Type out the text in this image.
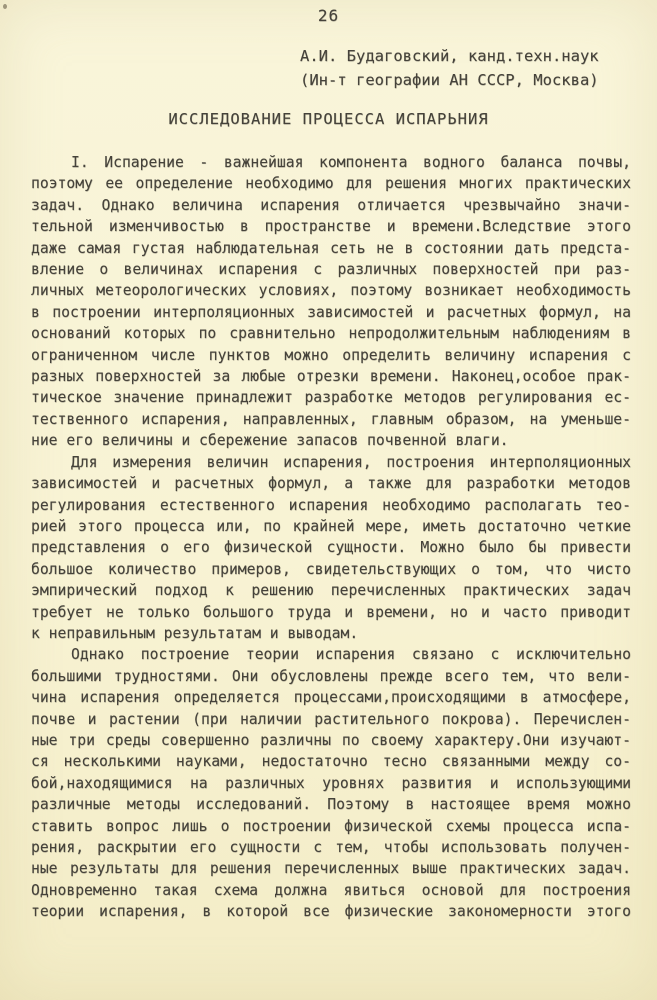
26
А.И. Будаговский, канд.техн.наук
(Ин-т географии АН СССР, Москва)
ИССЛЕДОВАНИЕ ПРОЦЕССА ИСПАРЬНИЯ
I. Испарение - важнейшая компонента водного баланса почвы,
поэтому ее определение необходимо для решения многих практических
задач. Однако величина испарения отличается чрезвычайно значи-
тельной изменчивостью в пространстве и времени.Вследствие этого
даже самая густая наблюдательная сеть не в состоянии дать предста-
вление о величинах испарения с различных поверхностей при раз-
личных метеорологических условиях, поэтому возникает необходимость
в построении интерполяционных зависимостей и расчетных формул, на
оснований которых по сравнительно непродолжительным наблюдениям в
ограниченном числе пунктов можно определить величину испарения с
разных поверхностей за любые отрезки времени. Наконец,особое прак-
тическое значение принадлежит разработке методов регулирования ес-
тественного испарения, направленных, главным образом, на уменьше-
ние его величины и сбережение запасов почвенной влаги.
Для измерения величин испарения, построения интерполяционных
зависимостей и расчетных формул, а также для разработки методов
регулирования естественного испарения необходимо располагать тео-
рией этого процесса или, по крайней мере, иметь достаточно четкие
представления о его физической сущности. Можно было бы привести
большое количество примеров, свидетельствующих о том, что чисто
эмпирический подход к решению перечисленных практических задач
требует не только большого труда и времени, но и часто приводит
к неправильным результатам и выводам.
Однако построение теории испарения связано с исключительно
большими трудностями. Они обусловлены прежде всего тем, что вели-
чина испарения определяется процессами,происходящими в атмосфере,
почве и растении (при наличии растительного покрова). Перечислен-
ные три среды совершенно различны по своему характеру.Они изучают-
ся несколькими науками, недостаточно тесно связанными между со-
бой,находящимися на различных уровнях развития и использующими
различные методы исследований. Поэтому в настоящее время можно
ставить вопрос лишь о построении физической схемы процесса испа-
рения, раскрытии его сущности с тем, чтобы использовать получен-
ные результаты для решения перечисленных выше практических задач.
Одновременно такая схема должна явиться основой для построения
теории испарения, в которой все физические закономерности этого
